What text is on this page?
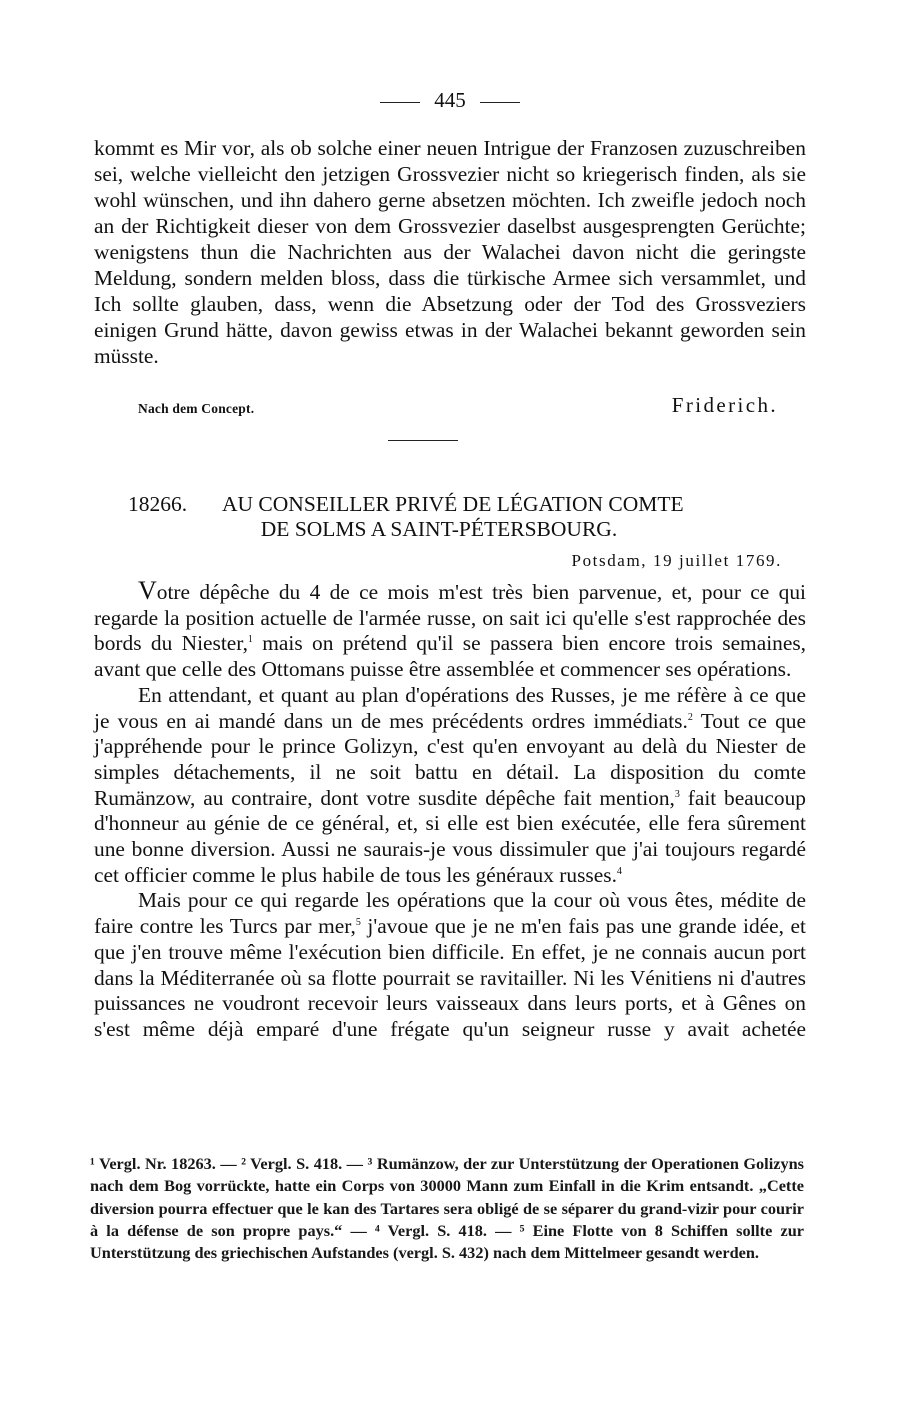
445

kommt es Mir vor, als ob solche einer neuen Intrigue der Franzosen zuzuschreiben sei, welche vielleicht den jetzigen Grossvezier nicht so kriegerisch finden, als sie wohl wünschen, und ihn dahero gerne absetzen möchten. Ich zweifle jedoch noch an der Richtigkeit dieser von dem Grossvezier daselbst ausgesprengten Gerüchte; wenigstens thun die Nachrichten aus der Walachei davon nicht die geringste Meldung, sondern melden bloss, dass die türkische Armee sich versammlet, und Ich sollte glauben, dass, wenn die Absetzung oder der Tod des Grossveziers einigen Grund hätte, davon gewiss etwas in der Walachei bekannt geworden sein müsste.

Nach dem Concept.	Friderich.
18266. AU CONSEILLER PRIVÉ DE LÉGATION COMTE
DE SOLMS A SAINT-PÉTERSBOURG.
Potsdam, 19 juillet 1769.

Votre dépêche du 4 de ce mois m'est très bien parvenue, et, pour ce qui regarde la position actuelle de l'armée russe, on sait ici qu'elle s'est rapprochée des bords du Niester,$^1$ mais on prétend qu'il se passera bien encore trois semaines, avant que celle des Ottomans puisse être assemblée et commencer ses opérations.

En attendant, et quant au plan d'opérations des Russes, je me réfère à ce que je vous en ai mandé dans un de mes précédents ordres immédiats.$^2$ Tout ce que j'appréhende pour le prince Golizyn, c'est qu'en envoyant au delà du Niester de simples détachements, il ne soit battu en détail. La disposition du comte Rumänzow, au contraire, dont votre susdite dépêche fait mention,$^3$ fait beaucoup d'honneur au génie de ce général, et, si elle est bien exécutée, elle fera sûrement une bonne diversion. Aussi ne saurais-je vous dissimuler que j'ai toujours regardé cet officier comme le plus habile de tous les généraux russes.$^4$

Mais pour ce qui regarde les opérations que la cour où vous êtes, médite de faire contre les Turcs par mer,$^5$ j'avoue que je ne m'en fais pas une grande idée, et que j'en trouve même l'exécution bien difficile. En effet, je ne connais aucun port dans la Méditerranée où sa flotte pourrait se ravitailler. Ni les Vénitiens ni d'autres puissances ne voudront recevoir leurs vaisseaux dans leurs ports, et à Gênes on s'est même déjà emparé d'une frégate qu'un seigneur russe y avait achetée

¹ Vergl. Nr. 18263. — ² Vergl. S. 418. — ³ Rumänzow, der zur Unterstützung der Operationen Golizyns nach dem Bog vorrückte, hatte ein Corps von 30000 Mann zum Einfall in die Krim entsandt. „Cette diversion pourra effectuer que le kan des Tartares sera obligé de se séparer du grand-vizir pour courir à la défense de son propre pays.“ — ⁴ Vergl. S. 418. — ⁵ Eine Flotte von 8 Schiffen sollte zur Unterstützung des griechischen Aufstandes (vergl. S. 432) nach dem Mittelmeer gesandt werden.
